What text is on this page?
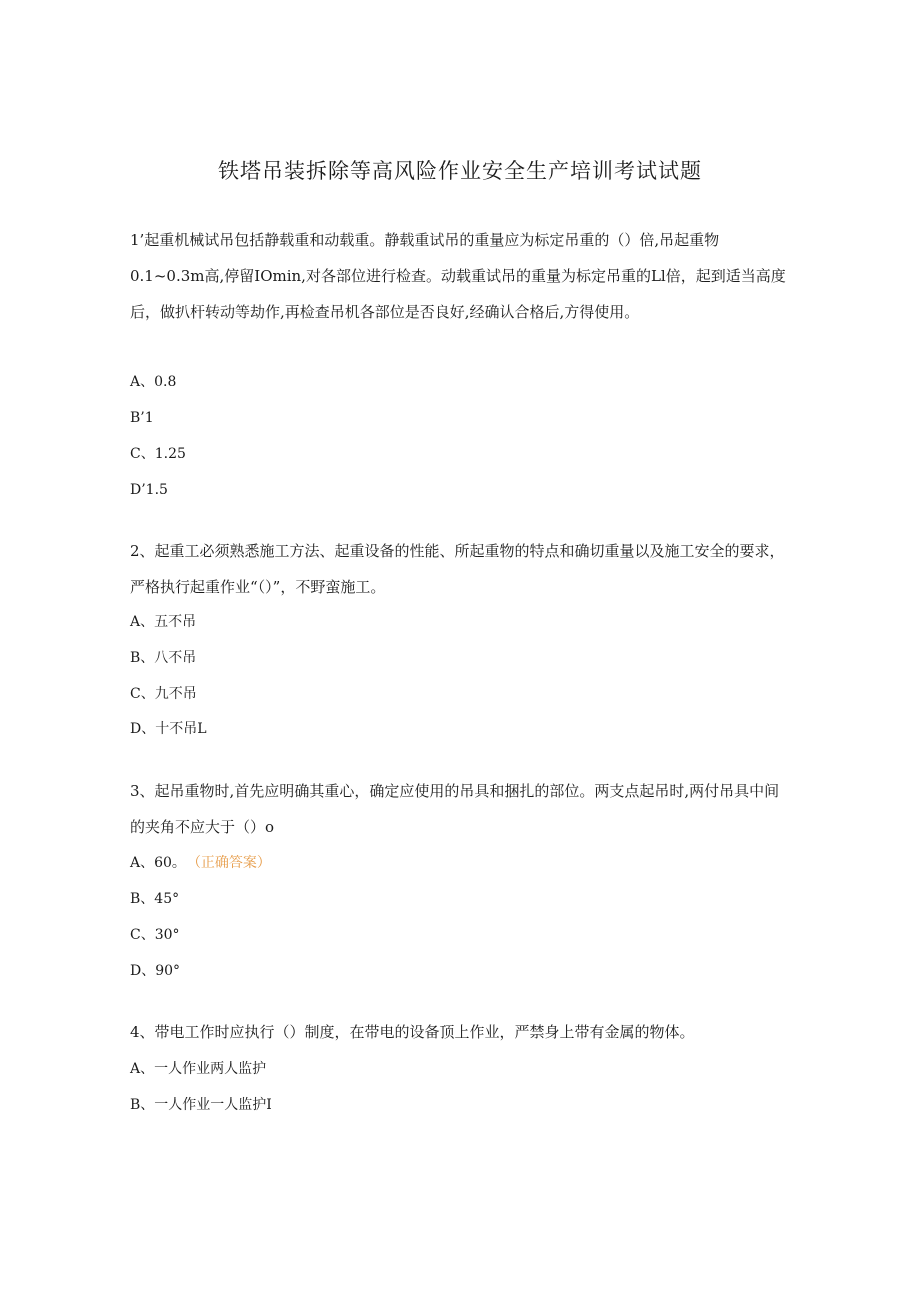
铁塔吊装拆除等高风险作业安全生产培训考试试题
1’起重机械试吊包括静载重和动载重。静载重试吊的重量应为标定吊重的（）倍,吊起重物0.1~0.3m高,停留IOmin,对各部位进行检查。动载重试吊的重量为标定吊重的Ll倍，起到适当高度后，做扒杆转动等劫作,再检查吊机各部位是否良好,经确认合格后,方得使用。
A、0.8
B’1
C、1.25
D’1.5
2、起重工必须熟悉施工方法、起重设备的性能、所起重物的特点和确切重量以及施工安全的要求，严格执行起重作业“（）”，不野蛮施工。
A、五不吊
B、八不吊
C、九不吊
D、十不吊L
3、起吊重物时,首先应明确其重心，确定应使用的吊具和捆扎的部位。两支点起吊时,两付吊具中间的夹角不应大于（）o
A、60。 （正确答案）
B、45°
C、30°
D、90°
4、带电工作时应执行（）制度，在带电的设备顶上作业，严禁身上带有金属的物体。
A、一人作业两人监护
B、一人作业一人监护I
